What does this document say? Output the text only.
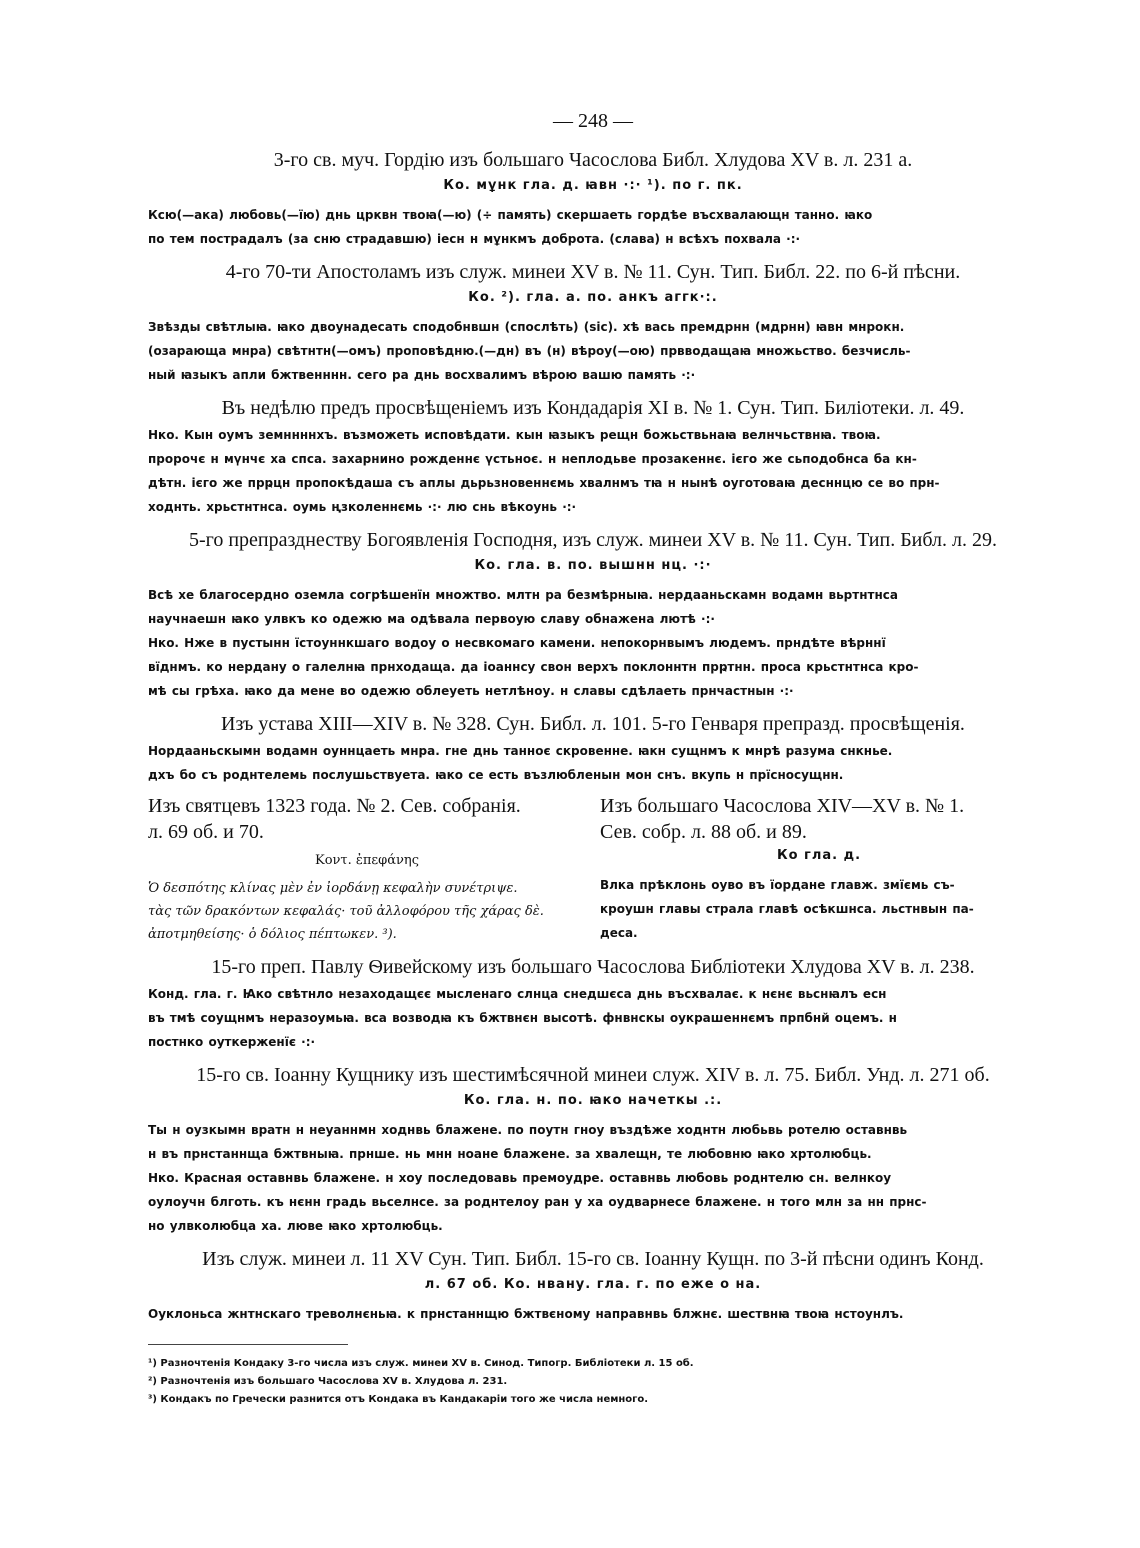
— 248 —

3-го св. муч. Гордію изъ большаго Часослова Библ. Хлудова XV в. л. 231 а.

Ко. мұнк гла. д. ꙗвн ·:· ¹). по г. пк.

Ксю(—ака) любовь(—їю) днь црквн твоꙗ(—ю) (÷ память) скершаеть гордѣе въсхвалающн танно. ꙗко

по тем пострадалъ (за сню страдавшю) іесн н мұнкмъ доброта. (слава) н всѣхъ похвала ·:·

4-го 70-ти Апостоламъ изъ служ. минеи XV в. № 11. Сун. Тип. Библ. 22. по 6-й пѣсни.

Ко. ²). гла. а. по. анкъ аггк·:.

Звѣзды свѣтлыꙗ. ꙗко двоунадесать сподобнвшн (спослѣть) (sic). хѣ вась премдрнн (мдрнн) ꙗвн мнрокн.

(озарающа мнра) свѣтнтн(—омъ) проповѣдню.(—дн) въ (н) вѣроу(—ою) првводащаꙗ множьство. безчисль-

ный ꙗзыкъ апли бжтвенннн. сего ра днь восхвалимъ вѣрою вашю память ·:·

Въ недѣлю предъ просвѣщеніемъ изъ Кондадарія XI в. № 1. Сун. Тип. Биліотеки. л. 49.

Нко. Кын оумъ земннннхъ. възможеть исповѣдати. кын ꙗзыкъ рещн божьствьнаꙗ велнчьствнꙗ. твоꙗ.

пророчє н мүнчє ха спса. захарнино рожденнє үстьноє. н неплодьве прозакеннє. ієго же сьподобнса ба кн-

дѣтн. ієго же прҏцн пропокѣдаша съ аплы дьрьзновеннємь хвалнмъ тꙗ н нынѣ оуготоваꙗ десннцю се во прн-

ходнть. хрьстнтнса. оумь ңзколеннємь ·:· лю снь вѣкоунь ·:·

5-го препразднеству Богоявленія Господня, изъ служ. минеи XV в. № 11. Сун. Тип. Библ. л. 29.

Ко. гла. в. по. вышнн нц. ·:·

Всѣ хе благосердно оземла согрѣшенїн множтво. млтн ра безмѣрныꙗ. нердааньскамн водамн вьртнтнса

научнаешн ꙗко улвкъ ко одежю ма одѣвала первоую славу обнажена лютѣ ·:·

Нко. Нже в пустынн їстоуннкшаго водоу о несвкомаго камени. непокорнвымъ людемъ. прндѣте вѣрннї

вїднмъ. ко нердану о галелнꙗ прнходаща. да іоаннсу свон верхъ поклоннтн прҏтнн. проса крьстнтнса кро-

мѣ сы грѣха. ꙗко да мене во одежю облеуеть нетлѣноу. н славы сдѣлаеть прнчастнын ·:·

Изъ устава XIII—XIV в. № 328. Сун. Библ. л. 101. 5-го Генваря препразд. просвѣщенія.

Нордааньскымн водамн оуннцаеть мнра. гне днь танноє скровенне. ꙗкн сущнмъ к мнрѣ разума снкнье.

дхъ бо съ роднтелемь послушьствуета. ꙗко се есть възлюбленын мон снъ. вкупь н прїсносущнн.

Изъ святцевъ 1323 года. № 2. Сев. собранія.

л. 69 об. и 70.

Κοντ. ἐπεφάνης

Ὁ δεσπότης κλίνας μὲν ἐν ἰορδάνῃ κεφαλὴν συνέτριψε.

τὰς τῶν δρακόντων κεφαλάς· τοῦ ἀλλοφόρου τῆς χάρας δὲ.

ἀποτμηθείσης· ὁ δόλιος πέπτωκεν. ³).

Изъ большаго Часослова XIV—XV в. № 1.

Сев. собр. л. 88 об. и 89.

Ко гла. д.

Влка прѣклонь оуво въ їордане главж. змїємь съ-

кроушн главы страла главѣ осѣкшнса. льстнвын па-

деса.

15-го преп. Павлу Ѳивейскому изъ большаго Часослова Библіотеки Хлудова XV в. л. 238.

Конд. гла. г. Ꙗко свѣтнло незаходащєє мысленаго слнца снедшєса днь въсхвалає. к нєнє вьснꙗлъ есн

въ тмѣ соущнмъ неразоумьꙗ. вса возводꙗ къ бжтвнєн высотѣ. фнвнскы оукрашеннємъ прпбнй оцемъ. н

постнко оуткерженїє ·:·

15-го св. Іоанну Кущнику изъ шестимѣсячной минеи служ. XIV в. л. 75. Библ. Унд. л. 271 об.

Ко. гла. н. по. ꙗко начеткы .:.

Ты н оузкымн вратн н неуаннмн ходнвь блажене. по поутн гноу въздѣже ходнтн любьвь ротелю оставнвь

н въ прнстаннща бжтвныꙗ. прнше. нь мнн ноане блажене. за хвалещн, те любовню ꙗко хртолюбць.

Нко. Красная оставнвь блажене. н хоу последовавь премоудре. оставнвь любовь роднтелю сн. велнкоу

оулоучн блготь. къ нєнн градь вьселнсе. за роднтелоу ран у ха оудварнесе блажене. н того млн за нн прнс-

но улвколюбца ха. люве ꙗко хртолюбць.

Изъ служ. минеи л. 11 XV Сун. Тип. Библ. 15-го св. Іоанну Кущн. по 3-й пѣсни одинъ Конд.

л. 67 об. Ко. нвану. гла. г. по еже о на.

Оуклоньса жнтнскаго треволнєньꙗ. к прнстаннщю бжтвєному направнвь блжнє. шествнꙗ твоꙗ нстоунлъ.

¹) Разночтенія Кондаку 3-го числа изъ служ. минеи XV в. Синод. Типогр. Библіотеки л. 15 об.

²) Разночтенія изъ большаго Часослова XV в. Хлудова л. 231.

³) Кондакъ по Гречески разнится отъ Кондака въ Кандакаріи того же числа немного.
